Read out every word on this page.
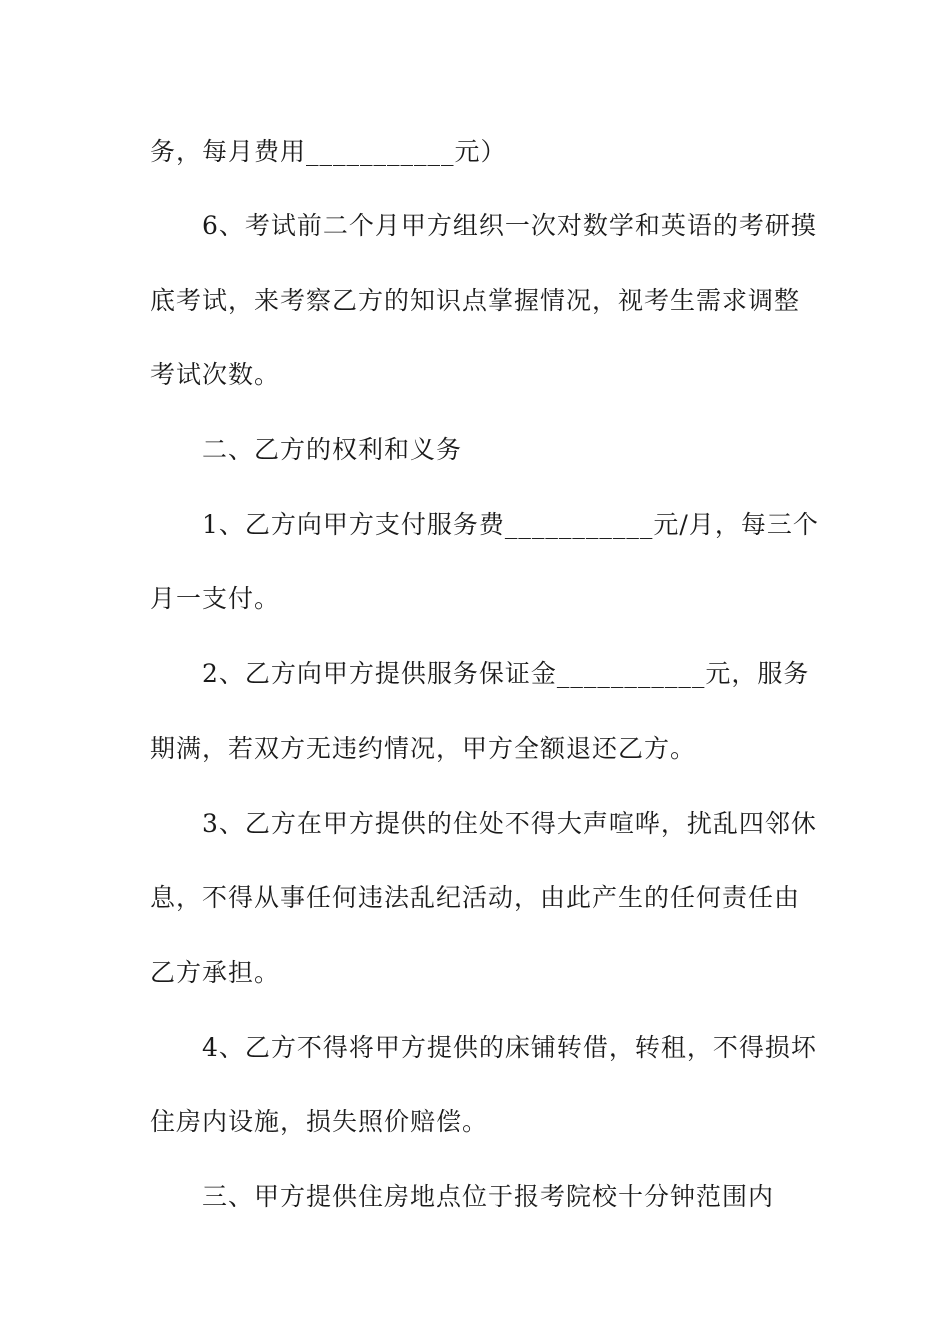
务，每月费用___________元）
6、考试前二个月甲方组织一次对数学和英语的考研摸
底考试，来考察乙方的知识点掌握情况，视考生需求调整
考试次数。
二、乙方的权利和义务
1、乙方向甲方支付服务费___________元/月，每三个
月一支付。
2、乙方向甲方提供服务保证金___________元，服务
期满，若双方无违约情况，甲方全额退还乙方。
3、乙方在甲方提供的住处不得大声喧哗，扰乱四邻休
息，不得从事任何违法乱纪活动，由此产生的任何责任由
乙方承担。
4、乙方不得将甲方提供的床铺转借，转租，不得损坏
住房内设施，损失照价赔偿。
三、甲方提供住房地点位于报考院校十分钟范围内
